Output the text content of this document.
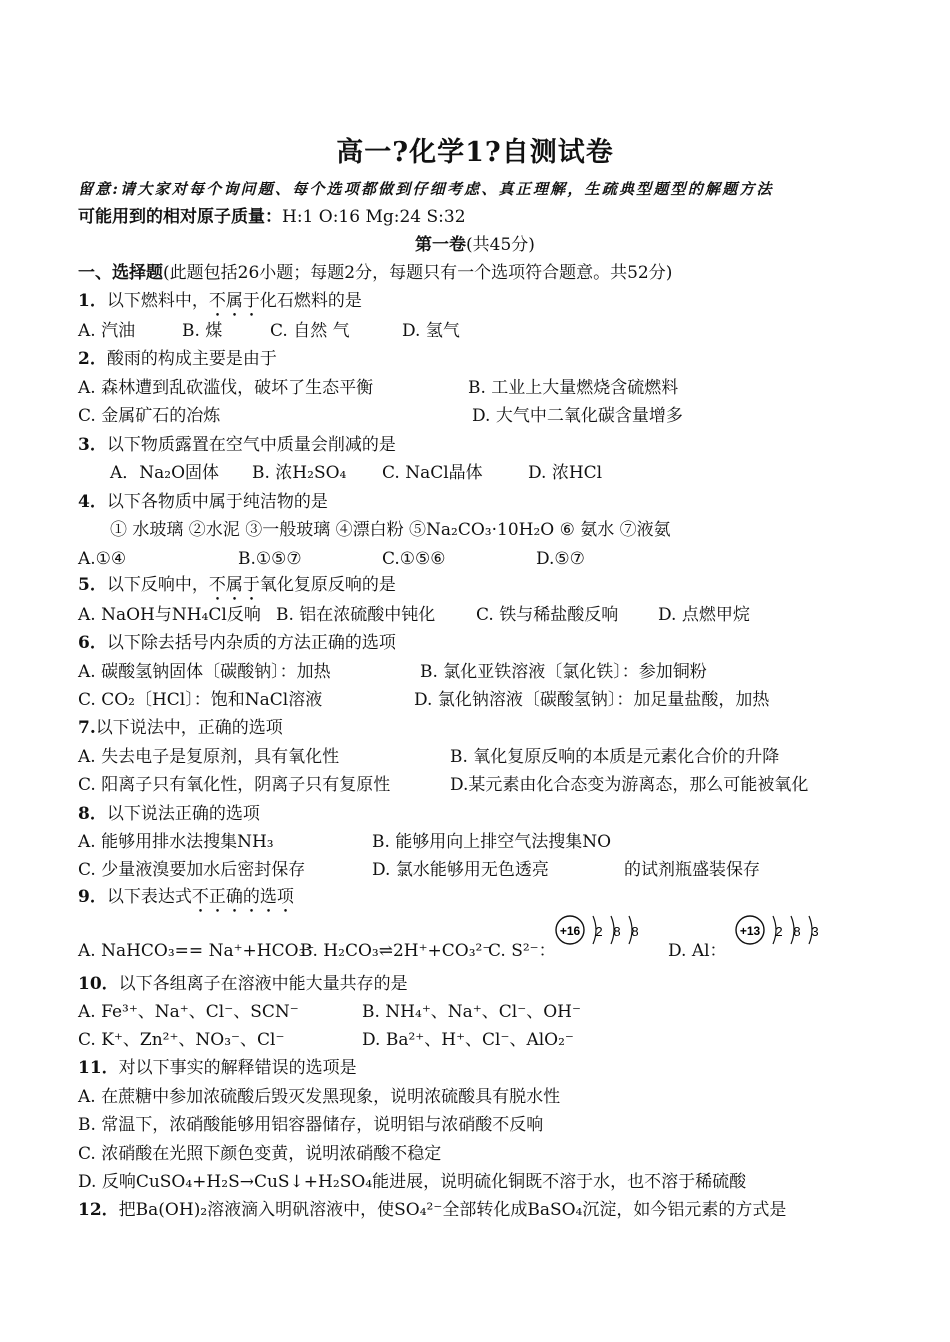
高一?化学1?自测试卷
留意:请大家对每个询问题、每个选项都做到仔细考虑、真正理解，生疏典型题型的解题方法
可能用到的相对原子质量：H:1 O:16 Mg:24 S:32
第一卷(共45分)
一、选择题(此题包括26小题；每题2分，每题只有一个选项符合题意。共52分)
1．以下燃料中，不属于化石燃料的是
A. 汽油	B. 煤	C. 自然 气	D. 氢气
2．酸雨的构成主要是由于
A. 森林遭到乱砍滥伐，破坏了生态平衡	B. 工业上大量燃烧含硫燃料
C. 金属矿石的冶炼	D. 大气中二氧化碳含量增多
3．以下物质露置在空气中质量会削减的是
A．Na₂O固体 B. 浓H₂SO₄ C. NaCl晶体	D. 浓HCl
4．以下各物质中属于纯洁物的是
① 水玻璃 ②水泥 ③一般玻璃 ④漂白粉 ⑤Na₂CO₃·10H₂O ⑥ 氨水 ⑦液氨
A.①④	B.①⑤⑦	C.①⑤⑥	D.⑤⑦
5．以下反响中，不属于氧化复原反响的是
A. NaOH与NH₄Cl反响 B. 铝在浓硫酸中钝化 C. 铁与稀盐酸反响 D. 点燃甲烷
6．以下除去括号内杂质的方法正确的选项
A. 碳酸氢钠固体〔碳酸钠〕：加热	B. 氯化亚铁溶液〔氯化铁〕：参加铜粉
C. CO₂〔HCl〕：饱和NaCl溶液	D. 氯化钠溶液〔碳酸氢钠〕：加足量盐酸，加热
7.以下说法中，正确的选项
A. 失去电子是复原剂，具有氧化性	B. 氧化复原反响的本质是元素化合价的升降
C. 阳离子只有氧化性，阴离子只有复原性	D.某元素由化合态变为游离态，那么可能被氧化
8．以下说法正确的选项
A. 能够用排水法搜集NH₃	B. 能够用向上排空气法搜集NO
C. 少量液溴要加水后密封保存	D. 氯水能够用无色透亮	的试剂瓶盛装保存
9．以下表达式不正确的选项
A. NaHCO₃== Na⁺+HCO₃⁻
B. H₂CO₃⇌2H⁺+CO₃²⁻
C. S²⁻：
+16 2 8 8
D. Al：
+13 2 8 3
10．以下各组离子在溶液中能大量共存的是
A. Fe³⁺、Na⁺、Cl⁻、SCN⁻	B. NH₄⁺、Na⁺、Cl⁻、OH⁻
C. K⁺、Zn²⁺、NO₃⁻、Cl⁻	D. Ba²⁺、H⁺、Cl⁻、AlO₂⁻
11．对以下事实的解释错误的选项是
A. 在蔗糖中参加浓硫酸后毁灭发黑现象，说明浓硫酸具有脱水性
B. 常温下，浓硝酸能够用铝容器储存，说明铝与浓硝酸不反响
C. 浓硝酸在光照下颜色变黄，说明浓硝酸不稳定
D. 反响CuSO₄+H₂S→CuS↓+H₂SO₄能进展，说明硫化铜既不溶于水，也不溶于稀硫酸
12．把Ba(OH)₂溶液滴入明矾溶液中，使SO₄²⁻全部转化成BaSO₄沉淀，如今铝元素的方式是
